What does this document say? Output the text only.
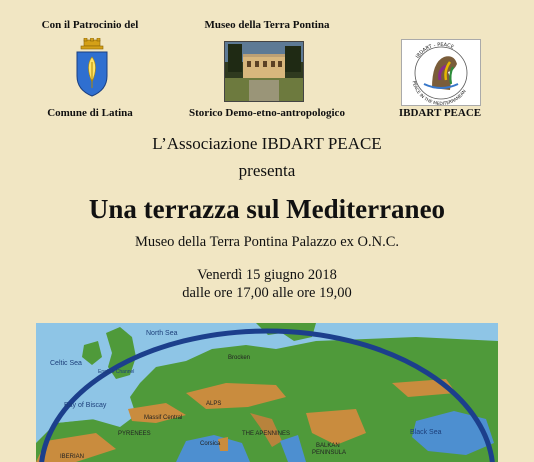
Con il Patrocinio del
Comune di Latina
Museo della Terra Pontina
Storico Demo-etno-antropologico
IBDART - PEACE
PEACE IN THE MEDITERRANEAN
IBDART PEACE
L’Associazione IBDART PEACE
presenta
Una terrazza sul Mediterraneo
Museo della Terra Pontina Palazzo ex O.N.C.
Venerdì 15 giugno 2018
dalle ore 17,00 alle ore 19,00
North Sea
Celtic Sea
English Channel
Bay of Biscay
Black Sea
PYRENEES
IBERIAN
ALPS
THE APENNINES
BALKAN
PENINSULA
Brocken
Massif Central
Corsica
